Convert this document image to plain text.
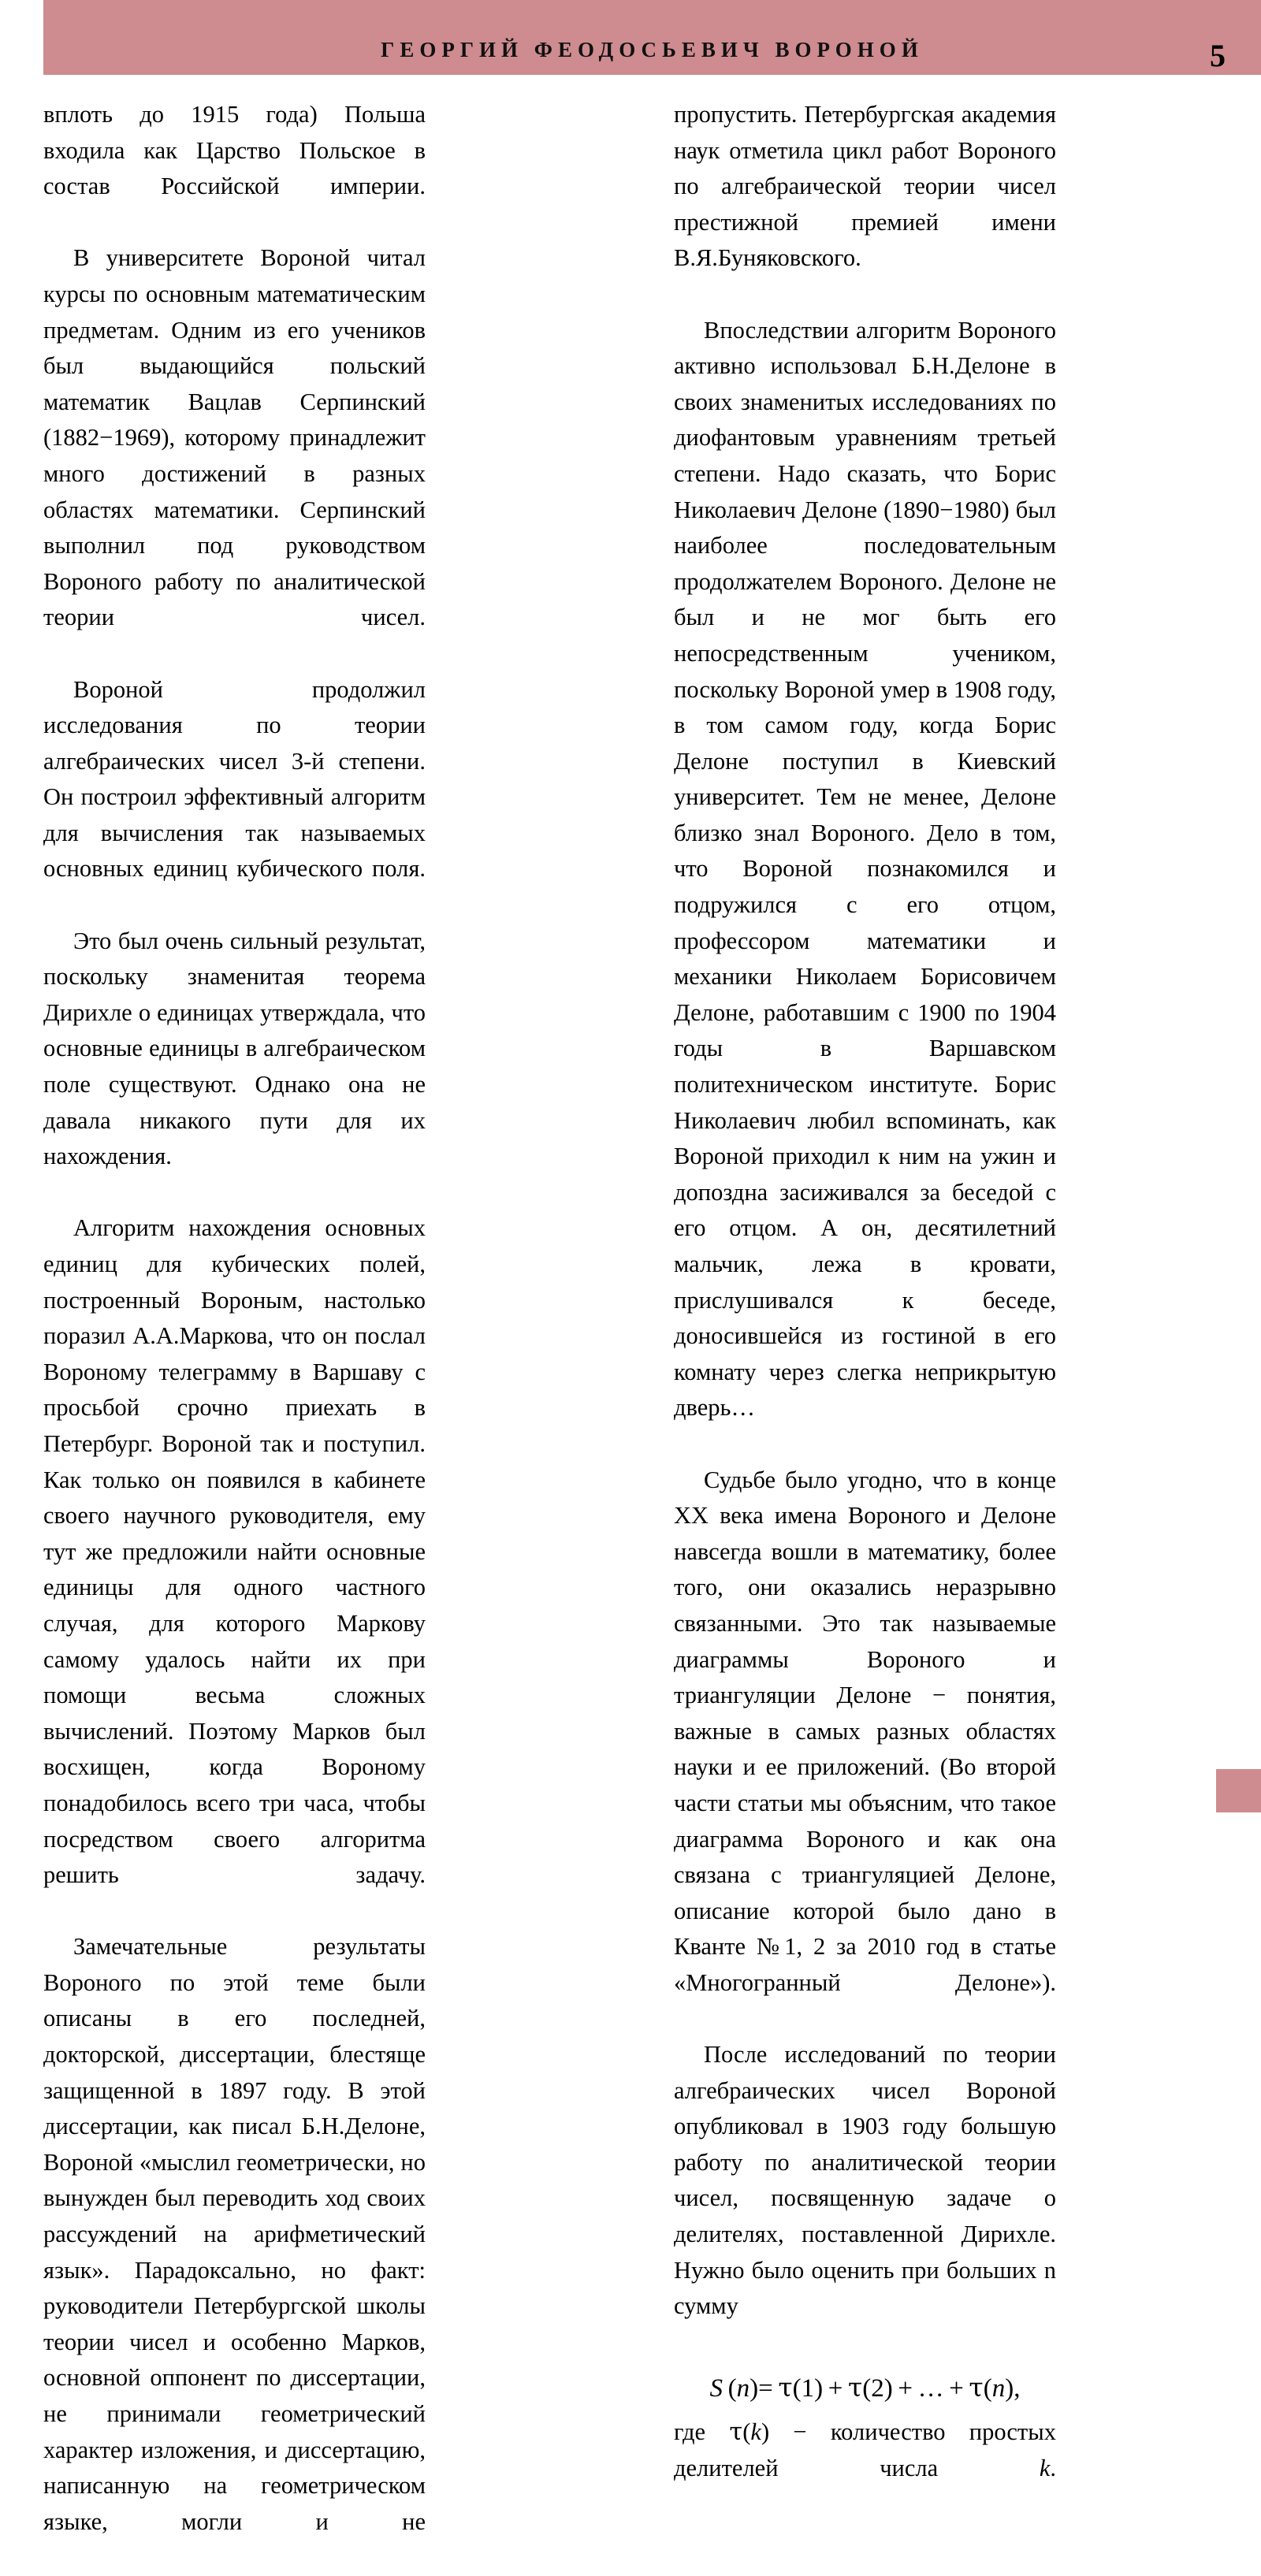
ГЕОРГИЙ ФЕОДОСЬЕВИЧ ВОРОНОЙ	5

вплоть до 1915 года) Польша входила как Царство Польское в состав Российской империи.

В университете Вороной читал курсы по основным математическим предметам. Одним из его учеников был выдающийся польский математик Вацлав Серпинский (1882−1969), которому принадлежит много достижений в разных областях математики. Серпинский выполнил под руководством Вороного работу по аналитической теории чисел.

Вороной продолжил исследования по теории алгебраических чисел 3-й степени. Он построил эффективный алгоритм для вычисления так называемых основных единиц кубического поля.

Это был очень сильный результат, поскольку знаменитая теорема Дирихле о единицах утверждала, что основные единицы в алгебраическом поле существуют. Однако она не давала никакого пути для их нахождения.

Алгоритм нахождения основных единиц для кубических полей, построенный Вороным, настолько поразил А.А.Маркова, что он послал Вороному телеграмму в Варшаву с просьбой срочно приехать в Петербург. Вороной так и поступил. Как только он появился в кабинете своего научного руководителя, ему тут же предложили найти основные единицы для одного частного случая, для которого Маркову самому удалось найти их при помощи весьма сложных вычислений. Поэтому Марков был восхищен, когда Вороному понадобилось всего три часа, чтобы посредством своего алгоритма решить задачу.

Замечательные результаты Вороного по этой теме были описаны в его последней, докторской, диссертации, блестяще защищенной в 1897 году. В этой диссертации, как писал Б.Н.Делоне, Вороной «мыслил геометрически, но вынужден был переводить ход своих рассуждений на арифметический язык». Парадоксально, но факт: руководители Петербургской школы теории чисел и особенно Марков, основной оппонент по диссертации, не принимали геометрический характер изложения, и диссертацию, написанную на геометрическом языке, могли и не

пропустить. Петербургская академия наук отметила цикл работ Вороного по алгебраической теории чисел престижной премией имени В.Я.Буняковского.

Впоследствии алгоритм Вороного активно использовал Б.Н.Делоне в своих знаменитых исследованиях по диофантовым уравнениям третьей степени. Надо сказать, что Борис Николаевич Делоне (1890−1980) был наиболее последовательным продолжателем Вороного. Делоне не был и не мог быть его непосредственным учеником, поскольку Вороной умер в 1908 году, в том самом году, когда Борис Делоне поступил в Киевский университет. Тем не менее, Делоне близко знал Вороного. Дело в том, что Вороной познакомился и подружился с его отцом, профессором математики и механики Николаем Борисовичем Делоне, работавшим с 1900 по 1904 годы в Варшавском политехническом институте. Борис Николаевич любил вспоминать, как Вороной приходил к ним на ужин и допоздна засиживался за беседой с его отцом. А он, десятилетний мальчик, лежа в кровати, прислушивался к беседе, доносившейся из гостиной в его комнату через слегка неприкрытую дверь…

Судьбе было угодно, что в конце XX века имена Вороного и Делоне навсегда вошли в математику, более того, они оказались неразрывно связанными. Это так называемые диаграммы Вороного и триангуляции Делоне − понятия, важные в самых разных областях науки и ее приложений. (Во второй части статьи мы объясним, что такое диаграмма Вороного и как она связана с триангуляцией Делоне, описание которой было дано в Кванте №1, 2 за 2010 год в статье «Многогранный Делоне»).

После исследований по теории алгебраических чисел Вороной опубликовал в 1903 году большую работу по аналитической теории чисел, посвященную задаче о делителях, поставленной Дирихле. Нужно было оценить при больших n сумму

S  (n)=  τ(1)  +  τ(2)  +  …  +  τ(n),

где τ(k) − количество простых делителей числа k.
